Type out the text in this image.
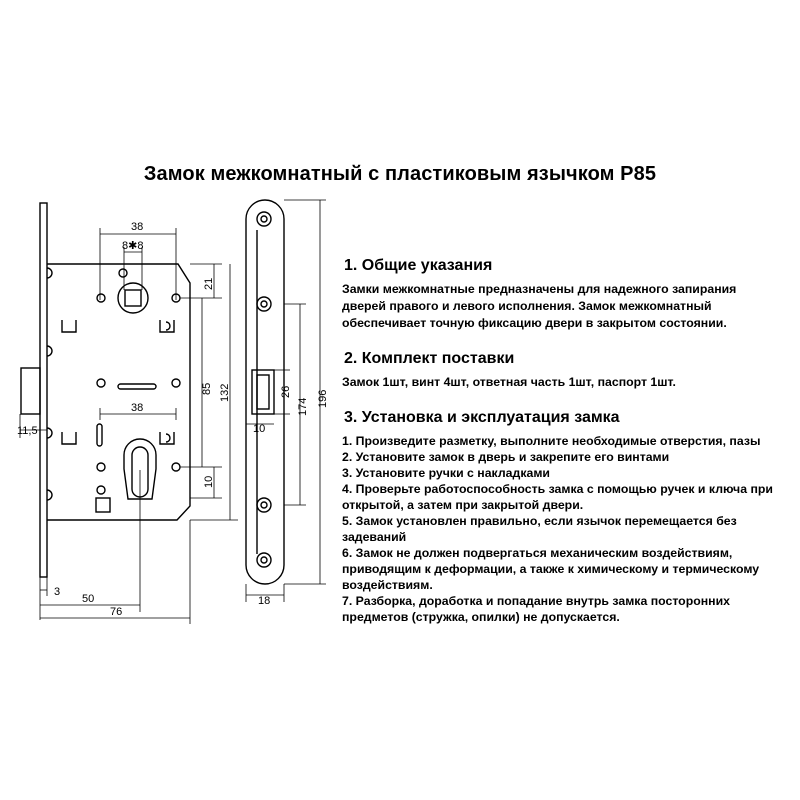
Замок межкомнатный с пластиковым язычком Р85
38
8✱8
21
85 132
38
10
11,5
3
50
76
174 196
26
10
18
1. Общие указания

Замки межкомнатные предназначены для надежного запирания дверей правого и левого исполнения. Замок межкомнатный обеспечивает точную фиксацию двери в закрытом состоянии.

2. Комплект поставки

Замок 1шт, винт 4шт, ответная часть 1шт, паспорт 1шт.

3. Установка и эксплуатация замка

1. Произведите разметку, выполните необходимые отверстия, пазы

2. Установите замок в дверь и закрепите его винтами

3. Установите ручки с накладками

4. Проверьте работоспособность замка с помощью ручек и ключа при открытой, а затем при закрытой двери.

5. Замок установлен правильно, если язычок перемещается без задеваний

6. Замок не должен подвергаться механическим воздействиям, приводящим к деформации, а также к химическому и термическому воздействиям.

7. Разборка, доработка и попадание внутрь замка посторонних предметов (стружка, опилки) не допускается.
